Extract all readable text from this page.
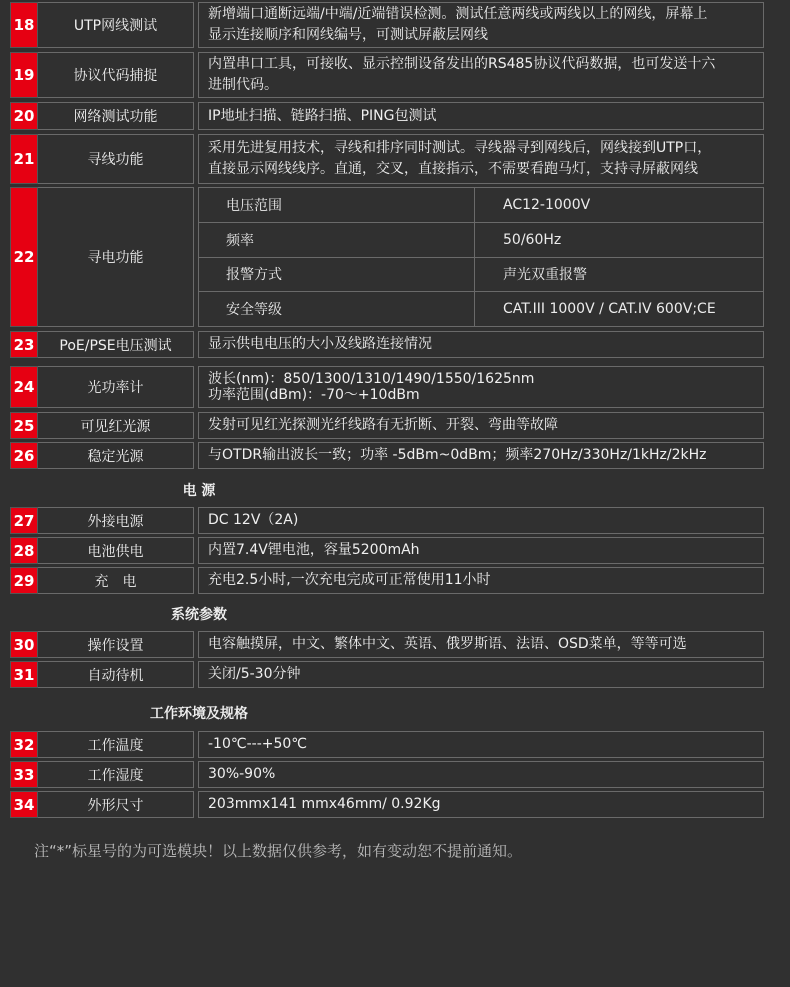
18	UTP网线测试
新增端口通断远端/中端/近端错误检测。测试任意两线或两线以上的网线，屏幕上
显示连接顺序和网线编号，可测试屏蔽层网线
19	协议代码捕捉
内置串口工具，可接收、显示控制设备发出的RS485协议代码数据，也可发送十六
进制代码。
20	网络测试功能	IP地址扫描、链路扫描、PING包测试
21	寻线功能
采用先进复用技术，寻线和排序同时测试。寻线器寻到网线后，网线接到UTP口，
直接显示网线线序。直通，交叉，直接指示，不需要看跑马灯，支持寻屏蔽网线
22	寻电功能
电压范围	AC12-1000V
频率	50/60Hz
报警方式	声光双重报警
安全等级	CAT.III 1000V / CAT.IV 600V;CE
23	PoE/PSE电压测试	显示供电电压的大小及线路连接情况
24	光功率计
波长(nm)：850/1300/1310/1490/1550/1625nm
功率范围(dBm)：-70～+10dBm
25	可见红光源	发射可见红光探测光纤线路有无折断、开裂、弯曲等故障
26	稳定光源	与OTDR输出波长一致；功率 -5dBm~0dBm；频率270Hz/330Hz/1kHz/2kHz
电 源
27	外接电源	DC 12V（2A)
28	电池供电	内置7.4V锂电池，容量5200mAh
29	充　电	充电2.5小时,一次充电完成可正常使用11小时
系统参数
30	操作设置	电容触摸屏，中文、繁体中文、英语、俄罗斯语、法语、OSD菜单，等等可选
31	自动待机	关闭/5-30分钟
工作环境及规格
32	工作温度	-10℃---+50℃
33	工作湿度	30%-90%
34	外形尺寸	203mmx141 mmx46mm/ 0.92Kg
注“*”标星号的为可选模块！以上数据仅供参考，如有变动恕不提前通知。
